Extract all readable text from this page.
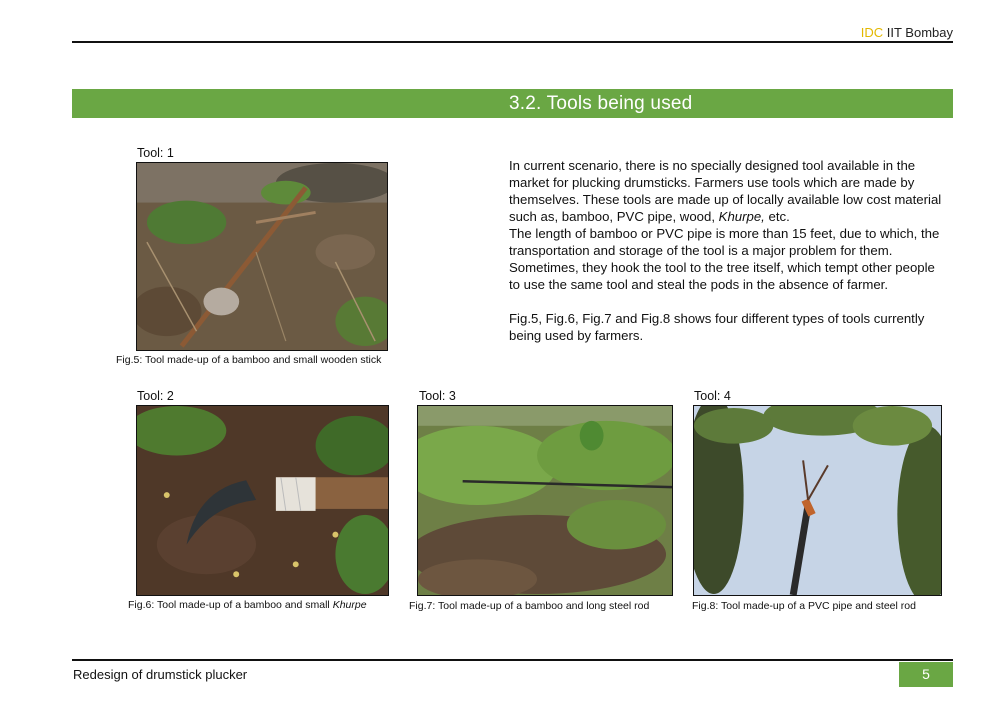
IDC IIT Bombay
3.2. Tools being used
Tool: 1
Fig.5: Tool made-up of a bamboo and small wooden stick

In current scenario, there is no specially designed tool available in the market for plucking drumsticks. Farmers use tools which are made by themselves. These tools are made up of locally available low cost material such as, bamboo, PVC pipe, wood, Khurpe, etc.

The length of bamboo or PVC pipe is more than 15 feet, due to which, the transportation and storage of the tool is a major problem for them. Sometimes, they hook the tool to the tree itself, which tempt other people to use the same tool and steal the pods in the absence of farmer.

Fig.5, Fig.6, Fig.7 and Fig.8 shows four different types of tools currently being used by farmers.

Tool: 2
Fig.6: Tool made-up of a bamboo and small Khurpe
Tool: 3
Fig.7: Tool made-up of a bamboo and long steel rod
Tool: 4
Fig.8: Tool made-up of a PVC pipe and steel rod
Redesign of drumstick plucker	5
